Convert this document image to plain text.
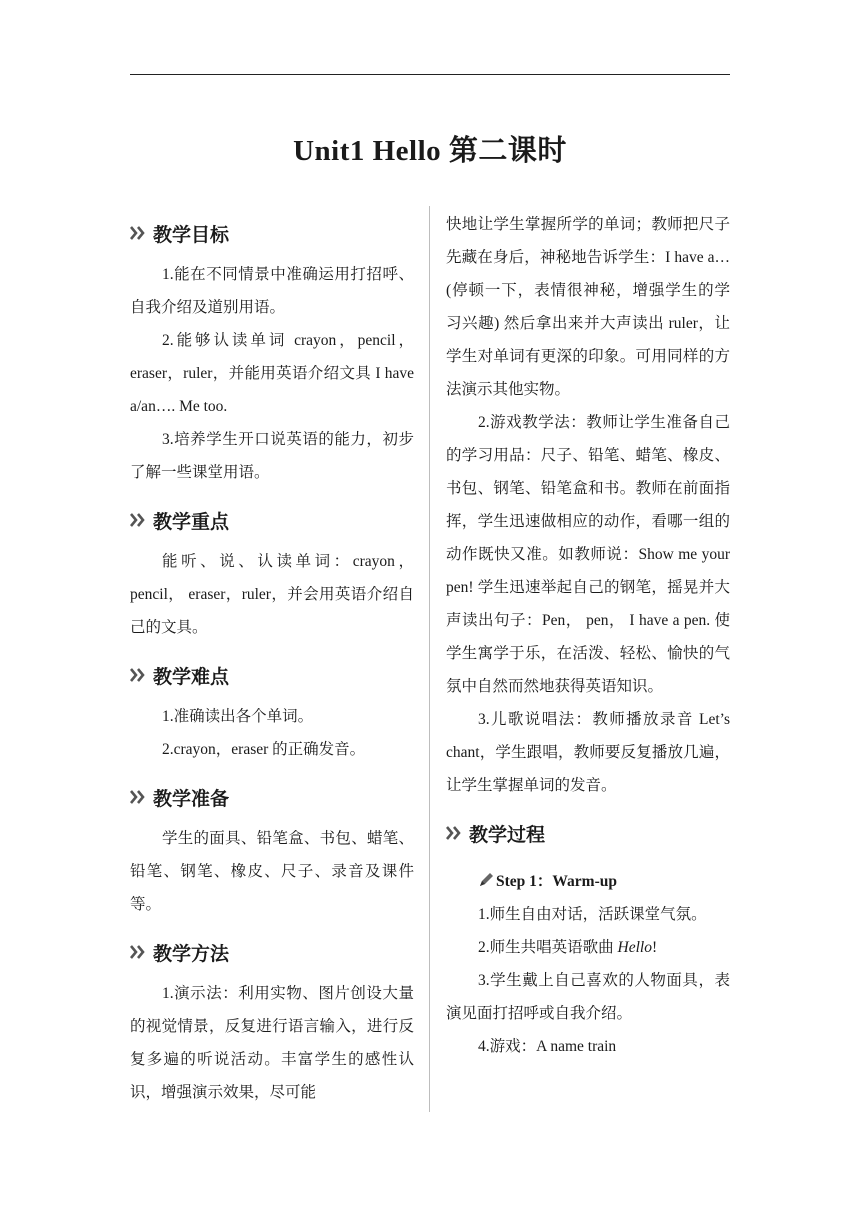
Unit1 Hello 第二课时
教学目标

1.能在不同情景中准确运用打招呼、自我介绍及道别用语。

2.能够认读单词 crayon，pencil，eraser，ruler，并能用英语介绍文具 I have a/an…. Me too.

3.培养学生开口说英语的能力，初步了解一些课堂用语。

教学重点

能听、说、认读单词：crayon，pencil， eraser，ruler，并会用英语介绍自己的文具。

教学难点

1.准确读出各个单词。

2.crayon，eraser 的正确发音。

教学准备

学生的面具、铅笔盒、书包、蜡笔、铅笔、钢笔、橡皮、尺子、录音及课件等。

教学方法

1.演示法：利用实物、图片创设大量的视觉情景，反复进行语言输入，进行反复多遍的听说活动。丰富学生的感性认识，增强演示效果，尽可能

快地让学生掌握所学的单词；教师把尺子先藏在身后，神秘地告诉学生：I have a… (停顿一下，表情很神秘，增强学生的学习兴趣) 然后拿出来并大声读出 ruler，让学生对单词有更深的印象。可用同样的方法演示其他实物。

2.游戏教学法：教师让学生准备自己的学习用品：尺子、铅笔、蜡笔、橡皮、书包、钢笔、铅笔盒和书。教师在前面指挥，学生迅速做相应的动作，看哪一组的动作既快又准。如教师说：Show me your pen! 学生迅速举起自己的钢笔，摇晃并大声读出句子：Pen， pen， I have a pen. 使学生寓学于乐，在活泼、轻松、愉快的气氛中自然而然地获得英语知识。

3.儿歌说唱法：教师播放录音 Let’s chant，学生跟唱，教师要反复播放几遍，让学生掌握单词的发音。

教学过程
Step 1：Warm-up

1.师生自由对话，活跃课堂气氛。

2.师生共唱英语歌曲 Hello!

3.学生戴上自己喜欢的人物面具，表演见面打招呼或自我介绍。

4.游戏：A name train
